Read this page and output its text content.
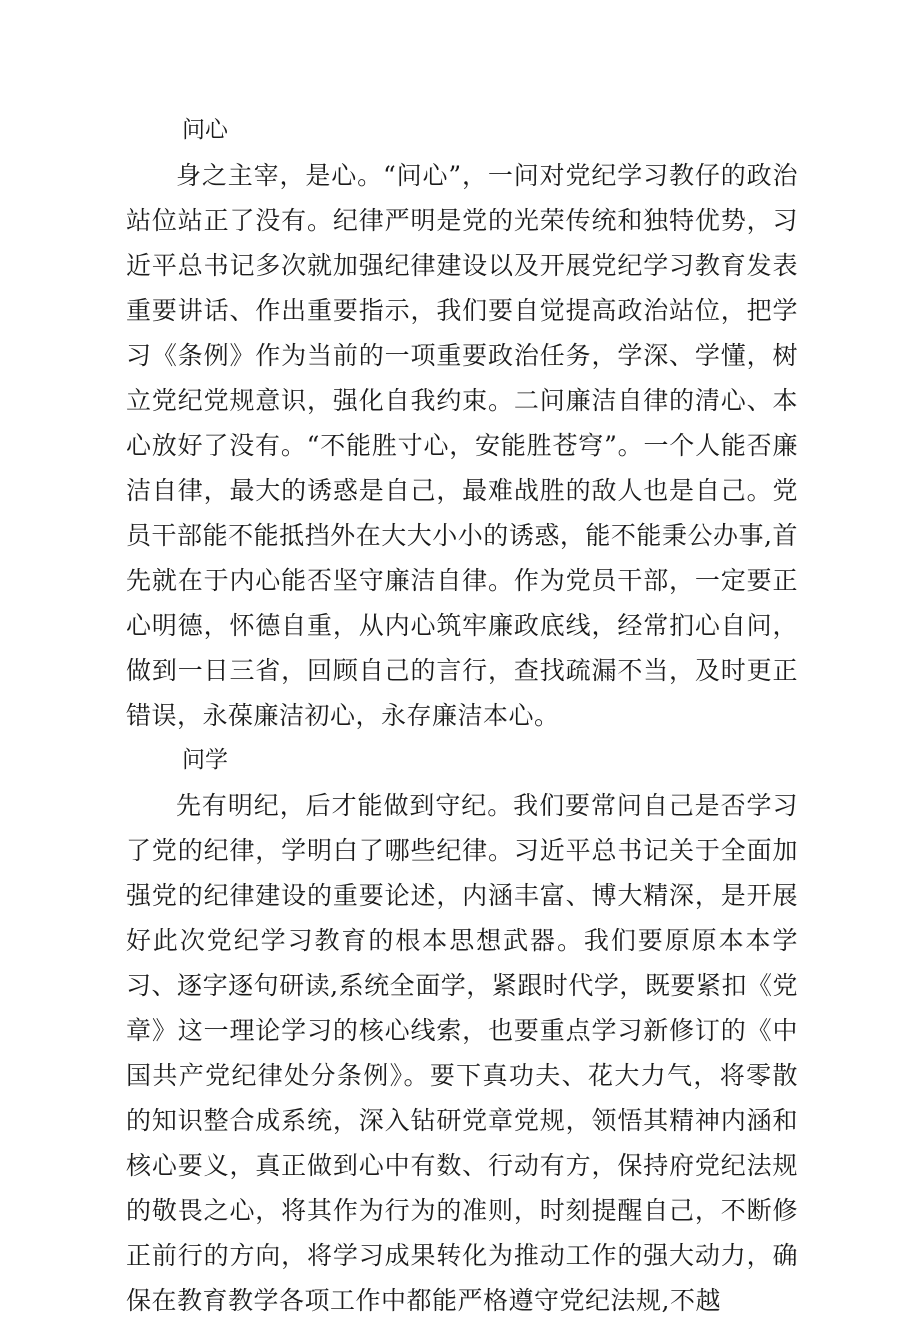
问心

身之主宰，是心。“问心”，一问对党纪学习教仔的政治站位站正了没有。纪律严明是党的光荣传统和独特优势，习近平总书记多次就加强纪律建设以及开展党纪学习教育发表重要讲话、作出重要指示，我们要自觉提高政治站位，把学习《条例》作为当前的一项重要政治任务，学深、学懂，树立党纪党规意识，强化自我约束。二问廉洁自律的清心、本心放好了没有。“不能胜寸心，安能胜苍穹”。一个人能否廉洁自律，最大的诱惑是自己，最难战胜的敌人也是自己。党员干部能不能抵挡外在大大小小的诱惑，能不能秉公办事,首先就在于内心能否坚守廉洁自律。作为党员干部，一定要正心明德，怀德自重，从内心筑牢廉政底线，经常扪心自问，做到一日三省，回顾自己的言行，查找疏漏不当，及时更正错误，永葆廉洁初心，永存廉洁本心。

问学

先有明纪，后才能做到守纪。我们要常问自己是否学习了党的纪律，学明白了哪些纪律。习近平总书记关于全面加强党的纪律建设的重要论述，内涵丰富、博大精深，是开展好此次党纪学习教育的根本思想武器。我们要原原本本学习、逐字逐句研读,系统全面学，紧跟时代学，既要紧扣《党章》这一理论学习的核心线索，也要重点学习新修订的《中国共产党纪律处分条例》。要下真功夫、花大力气，将零散的知识整合成系统，深入钻研党章党规，领悟其精神内涵和核心要义，真正做到心中有数、行动有方，保持府党纪法规的敬畏之心，将其作为行为的准则，时刻提醒自己，不断修正前行的方向，将学习成果转化为推动工作的强大动力，确保在教育教学各项工作中都能严格遵守党纪法规,不越
